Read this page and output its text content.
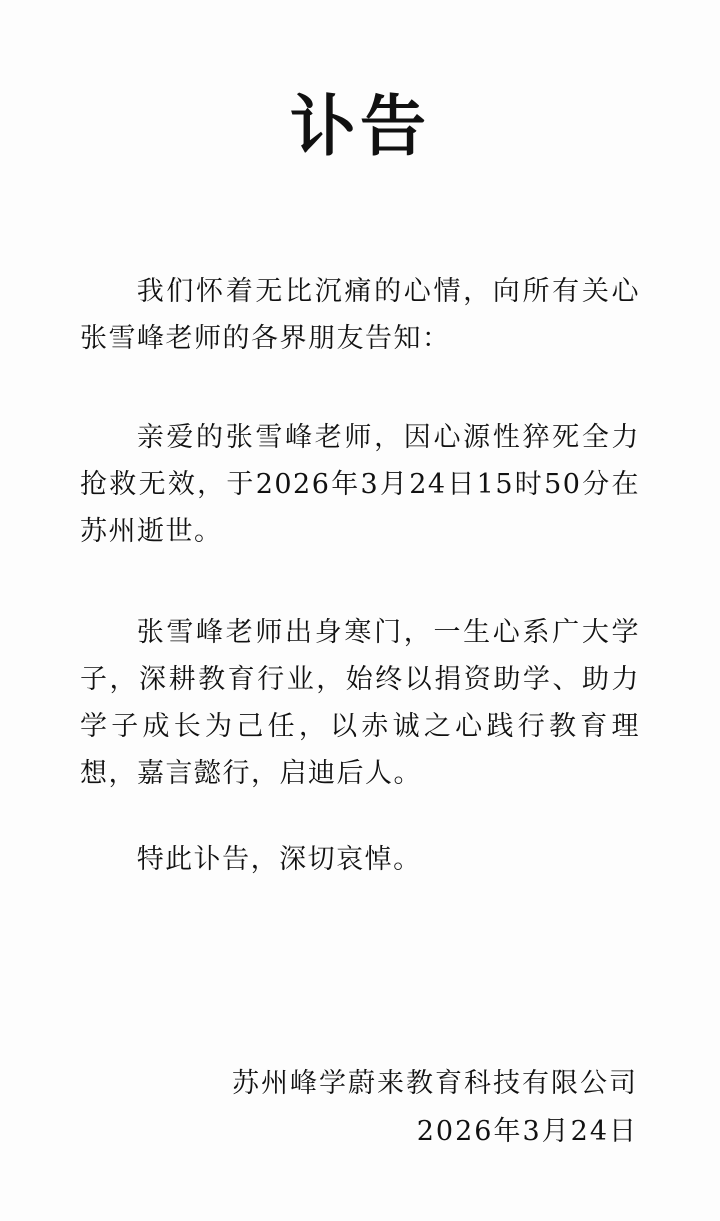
讣告
我们怀着无比沉痛的心情，向所有关心张雪峰老师的各界朋友告知：
亲爱的张雪峰老师，因心源性猝死全力抢救无效，于2026年3月24日15时50分在苏州逝世。
张雪峰老师出身寒门，一生心系广大学子，深耕教育行业，始终以捐资助学、助力学子成长为己任，以赤诚之心践行教育理想，嘉言懿行，启迪后人。
特此讣告，深切哀悼。
苏州峰学蔚来教育科技有限公司
2026年3月24日
